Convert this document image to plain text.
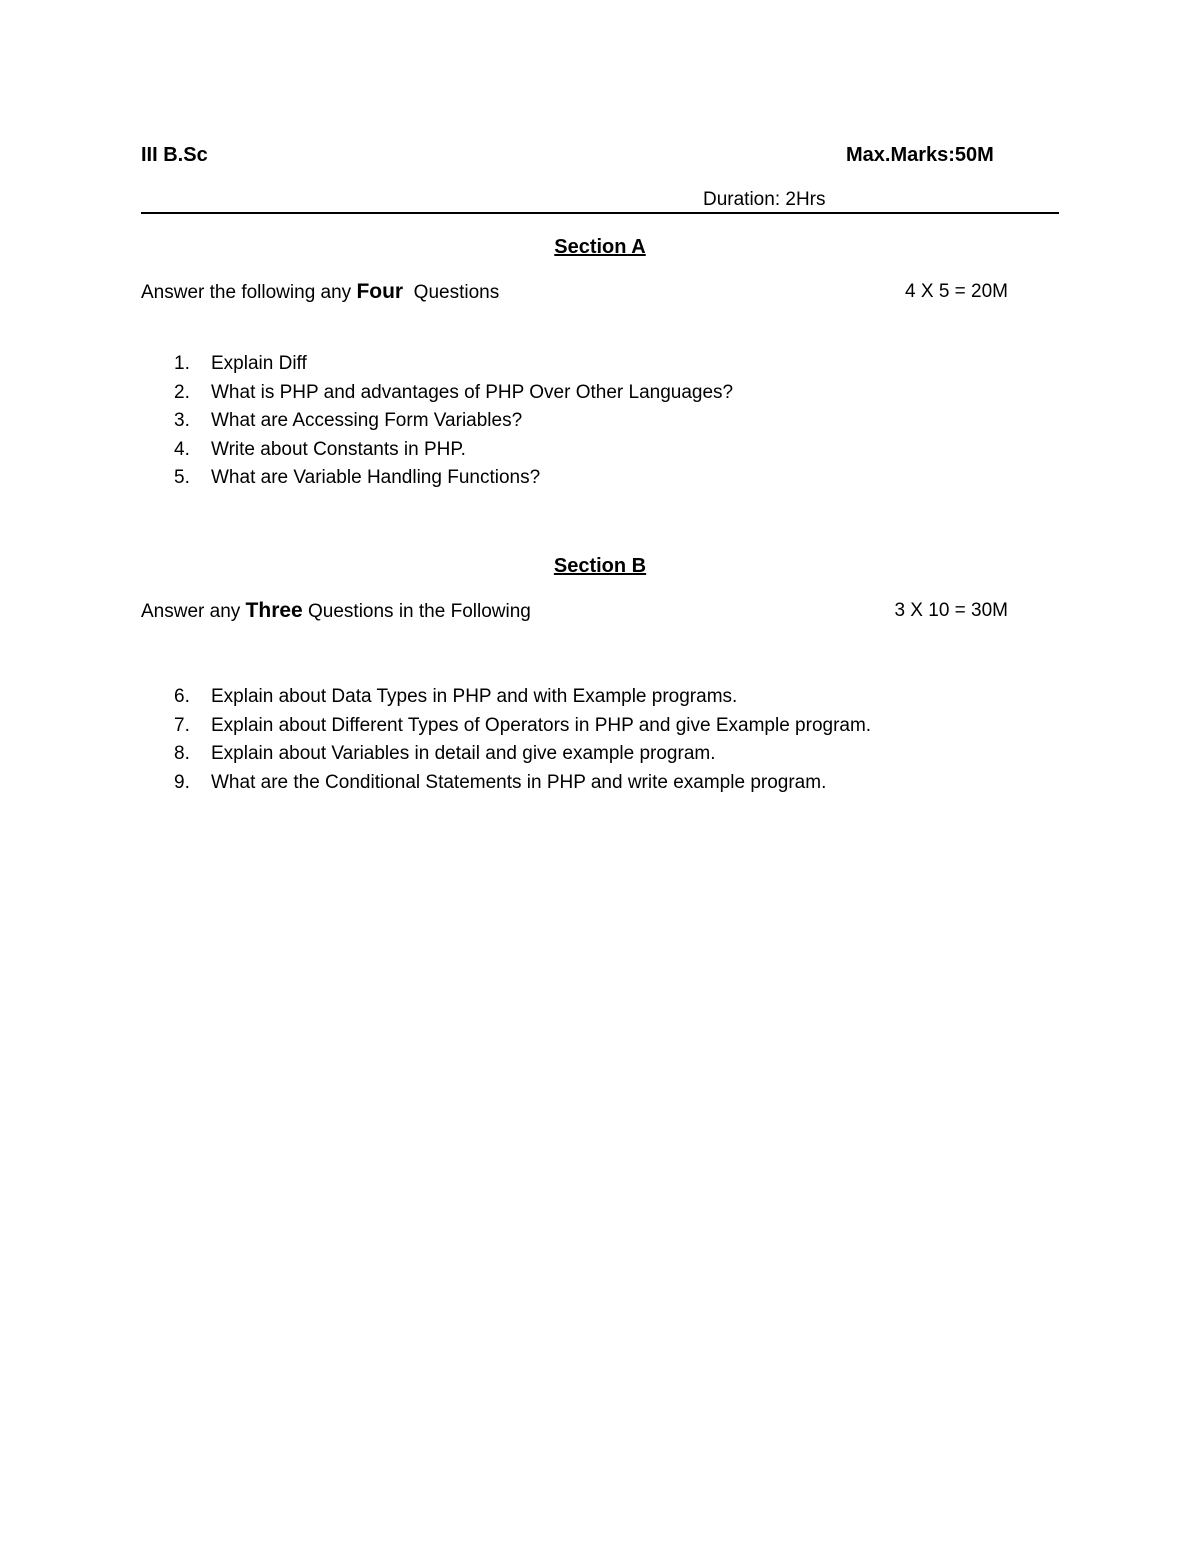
III B.Sc	Max.Marks:50M
Duration: 2Hrs
Section A
Answer the following any Four  Questions	4 X 5 = 20M
1.	Explain Diff
2.	What is PHP and advantages of PHP Over Other Languages?
3.	What are Accessing Form Variables?
4.	Write about Constants in PHP.
5.	What are Variable Handling Functions?
Section B
Answer any Three Questions in the Following	3 X 10 = 30M
6.	Explain about Data Types in PHP and with Example programs.
7.	Explain about Different Types of Operators in PHP and give Example program.
8.	Explain about Variables in detail and give example program.
9.	What are the Conditional Statements in PHP and write example program.
